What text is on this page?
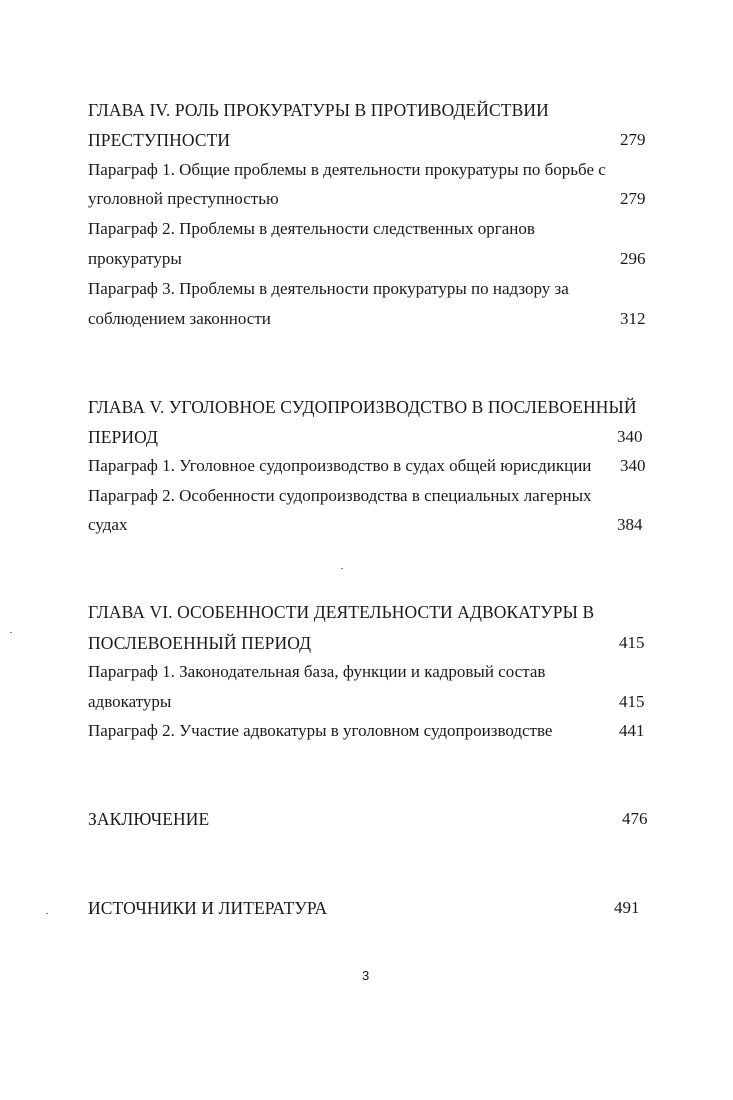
ГЛАВА IV. РОЛЬ ПРОКУРАТУРЫ В ПРОТИВОДЕЙСТВИИ
ПРЕСТУПНОСТИ	279
Параграф 1. Общие проблемы в деятельности прокуратуры по борьбе с
уголовной преступностью	279
Параграф 2. Проблемы в деятельности следственных органов
прокуратуры	296
Параграф 3. Проблемы в деятельности прокуратуры по надзору за
соблюдением законности	312
ГЛАВА V. УГОЛОВНОЕ СУДОПРОИЗВОДСТВО В ПОСЛЕВОЕННЫЙ
ПЕРИОД	340
Параграф 1. Уголовное судопроизводство в судах общей юрисдикции 340
Параграф 2. Особенности судопроизводства в специальных лагерных
судах	384
ГЛАВА VI. ОСОБЕННОСТИ ДЕЯТЕЛЬНОСТИ АДВОКАТУРЫ В
ПОСЛЕВОЕННЫЙ ПЕРИОД	415
Параграф 1. Законодательная база, функции и кадровый состав
адвокатуры	415
Параграф 2. Участие адвокатуры в уголовном судопроизводстве	441
ЗАКЛЮЧЕНИЕ	476
ИСТОЧНИКИ И ЛИТЕРАТУРА	491
3
